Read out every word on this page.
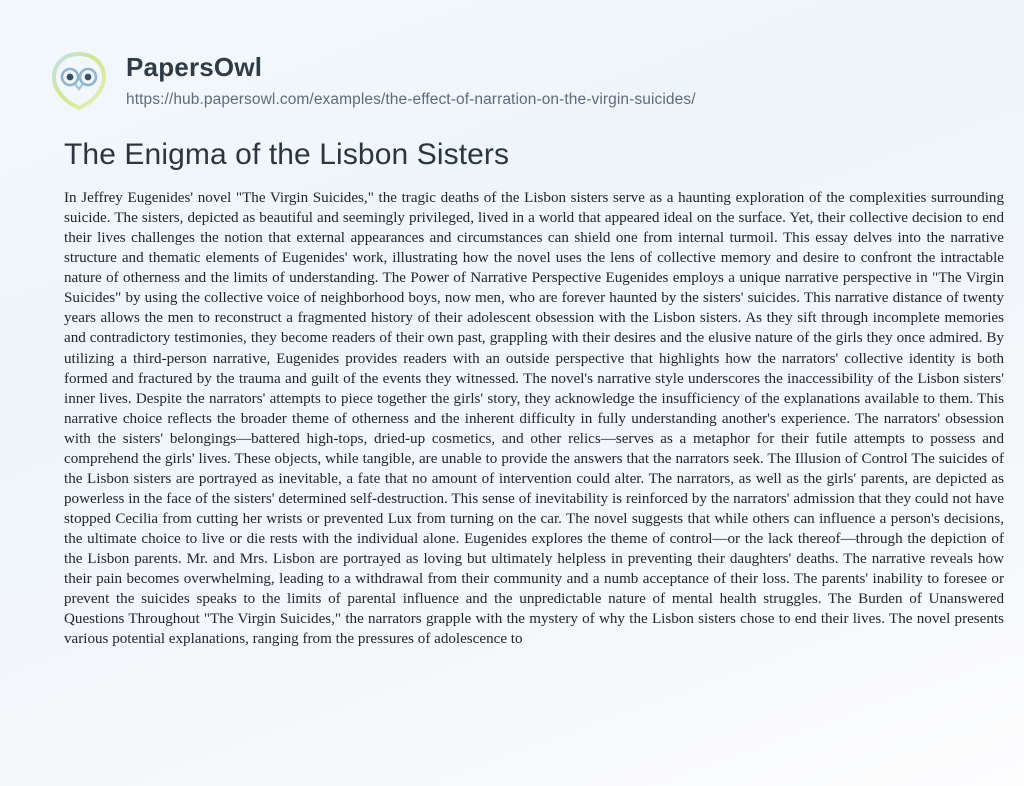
PapersOwl
https://hub.papersowl.com/examples/the-effect-of-narration-on-the-virgin-suicides/
The Enigma of the Lisbon Sisters

In Jeffrey Eugenides' novel "The Virgin Suicides," the tragic deaths of the Lisbon sisters serve as a haunting exploration of the complexities surrounding suicide. The sisters, depicted as beautiful and seemingly privileged, lived in a world that appeared ideal on the surface. Yet, their collective decision to end their lives challenges the notion that external appearances and circumstances can shield one from internal turmoil. This essay delves into the narrative structure and thematic elements of Eugenides' work, illustrating how the novel uses the lens of collective memory and desire to confront the intractable nature of otherness and the limits of understanding. The Power of Narrative Perspective Eugenides employs a unique narrative perspective in "The Virgin Suicides" by using the collective voice of neighborhood boys, now men, who are forever haunted by the sisters' suicides. This narrative distance of twenty years allows the men to reconstruct a fragmented history of their adolescent obsession with the Lisbon sisters. As they sift through incomplete memories and contradictory testimonies, they become readers of their own past, grappling with their desires and the elusive nature of the girls they once admired. By utilizing a third-person narrative, Eugenides provides readers with an outside perspective that highlights how the narrators' collective identity is both formed and fractured by the trauma and guilt of the events they witnessed. The novel's narrative style underscores the inaccessibility of the Lisbon sisters' inner lives. Despite the narrators' attempts to piece together the girls' story, they acknowledge the insufficiency of the explanations available to them. This narrative choice reflects the broader theme of otherness and the inherent difficulty in fully understanding another's experience. The narrators' obsession with the sisters' belongings—battered high-tops, dried-up cosmetics, and other relics—serves as a metaphor for their futile attempts to possess and comprehend the girls' lives. These objects, while tangible, are unable to provide the answers that the narrators seek. The Illusion of Control The suicides of the Lisbon sisters are portrayed as inevitable, a fate that no amount of intervention could alter. The narrators, as well as the girls' parents, are depicted as powerless in the face of the sisters' determined self-destruction. This sense of inevitability is reinforced by the narrators' admission that they could not have stopped Cecilia from cutting her wrists or prevented Lux from turning on the car. The novel suggests that while others can influence a person's decisions, the ultimate choice to live or die rests with the individual alone. Eugenides explores the theme of control—or the lack thereof—through the depiction of the Lisbon parents. Mr. and Mrs. Lisbon are portrayed as loving but ultimately helpless in preventing their daughters' deaths. The narrative reveals how their pain becomes overwhelming, leading to a withdrawal from their community and a numb acceptance of their loss. The parents' inability to foresee or prevent the suicides speaks to the limits of parental influence and the unpredictable nature of mental health struggles. The Burden of Unanswered Questions Throughout "The Virgin Suicides," the narrators grapple with the mystery of why the Lisbon sisters chose to end their lives. The novel presents various potential explanations, ranging from the pressures of adolescence to
